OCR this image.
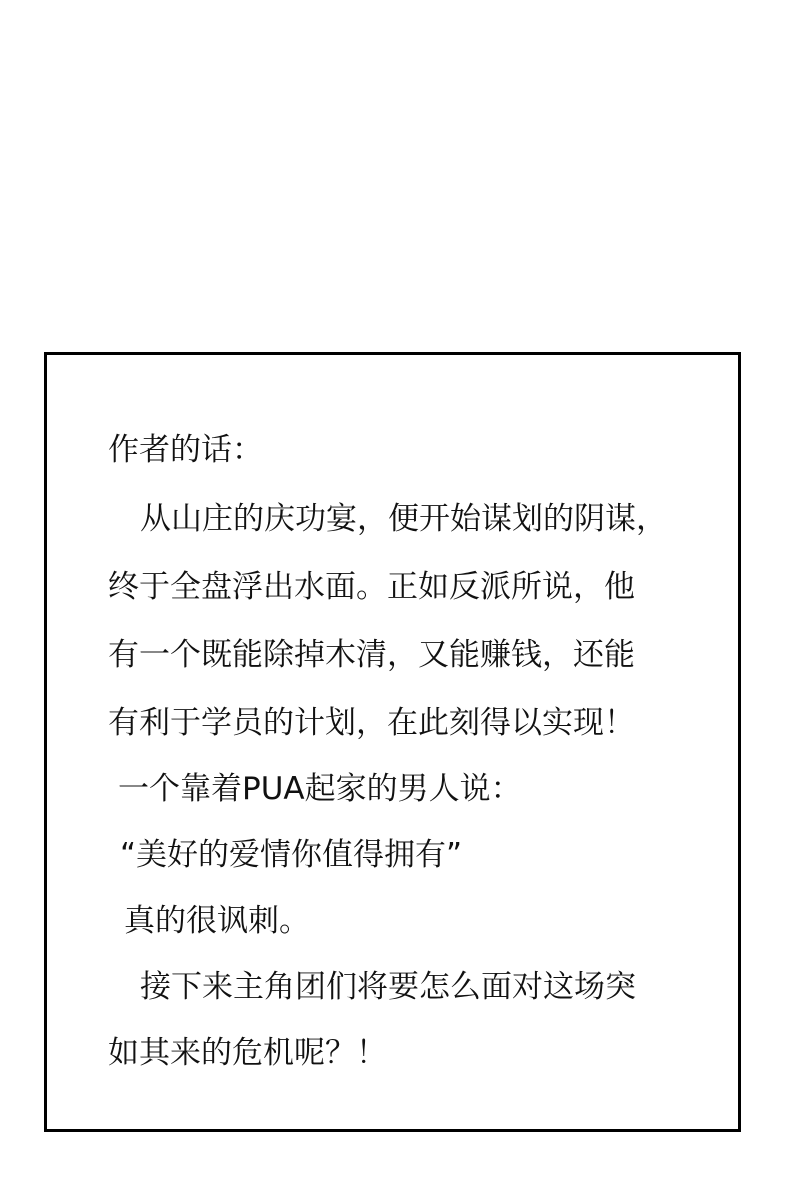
作者的话：
从山庄的庆功宴，便开始谋划的阴谋，
终于全盘浮出水面。正如反派所说，他
有一个既能除掉木清，又能赚钱，还能
有利于学员的计划，在此刻得以实现！
一个靠着PUA起家的男人说：
“美好的爱情你值得拥有”
真的很讽刺。
接下来主角团们将要怎么面对这场突
如其来的危机呢？！
